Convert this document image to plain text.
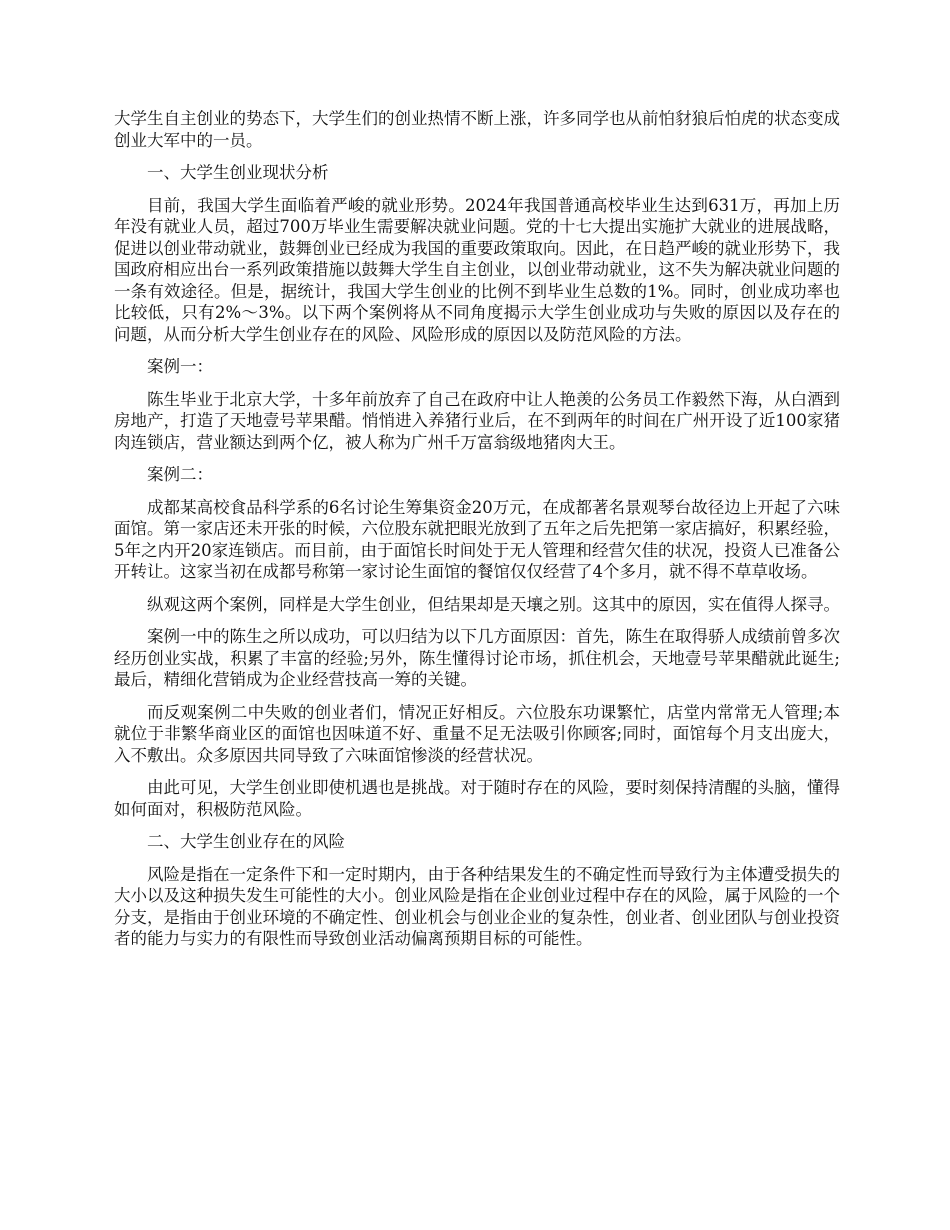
大学生自主创业的势态下，大学生们的创业热情不断上涨，许多同学也从前怕豺狼后怕虎的状态变成创业大军中的一员。

一、大学生创业现状分析

目前，我国大学生面临着严峻的就业形势。2024年我国普通高校毕业生达到631万，再加上历年没有就业人员，超过700万毕业生需要解决就业问题。党的十七大提出实施扩大就业的进展战略，促进以创业带动就业，鼓舞创业已经成为我国的重要政策取向。因此，在日趋严峻的就业形势下，我国政府相应出台一系列政策措施以鼓舞大学生自主创业，以创业带动就业，这不失为解决就业问题的一条有效途径。但是，据统计，我国大学生创业的比例不到毕业生总数的1%。同时，创业成功率也比较低，只有2%～3%。以下两个案例将从不同角度揭示大学生创业成功与失败的原因以及存在的问题，从而分析大学生创业存在的风险、风险形成的原因以及防范风险的方法。

案例一：

陈生毕业于北京大学，十多年前放弃了自己在政府中让人艳羡的公务员工作毅然下海，从白酒到房地产，打造了天地壹号苹果醋。悄悄进入养猪行业后，在不到两年的时间在广州开设了近100家猪肉连锁店，营业额达到两个亿，被人称为广州千万富翁级地猪肉大王。

案例二：

成都某高校食品科学系的6名讨论生筹集资金20万元，在成都著名景观琴台故径边上开起了六味面馆。第一家店还未开张的时候，六位股东就把眼光放到了五年之后先把第一家店搞好，积累经验，5年之内开20家连锁店。而目前，由于面馆长时间处于无人管理和经营欠佳的状况，投资人已准备公开转让。这家当初在成都号称第一家讨论生面馆的餐馆仅仅经营了4个多月，就不得不草草收场。

纵观这两个案例，同样是大学生创业，但结果却是天壤之别。这其中的原因，实在值得人探寻。

案例一中的陈生之所以成功，可以归结为以下几方面原因：首先，陈生在取得骄人成绩前曾多次经历创业实战，积累了丰富的经验;另外，陈生懂得讨论市场，抓住机会，天地壹号苹果醋就此诞生;最后，精细化营销成为企业经营技高一筹的关键。

而反观案例二中失败的创业者们，情况正好相反。六位股东功课繁忙，店堂内常常无人管理;本就位于非繁华商业区的面馆也因味道不好、重量不足无法吸引你顾客;同时，面馆每个月支出庞大，入不敷出。众多原因共同导致了六味面馆惨淡的经营状况。

由此可见，大学生创业即使机遇也是挑战。对于随时存在的风险，要时刻保持清醒的头脑，懂得如何面对，积极防范风险。

二、大学生创业存在的风险

风险是指在一定条件下和一定时期内，由于各种结果发生的不确定性而导致行为主体遭受损失的大小以及这种损失发生可能性的大小。创业风险是指在企业创业过程中存在的风险，属于风险的一个分支，是指由于创业环境的不确定性、创业机会与创业企业的复杂性，创业者、创业团队与创业投资者的能力与实力的有限性而导致创业活动偏离预期目标的可能性。
